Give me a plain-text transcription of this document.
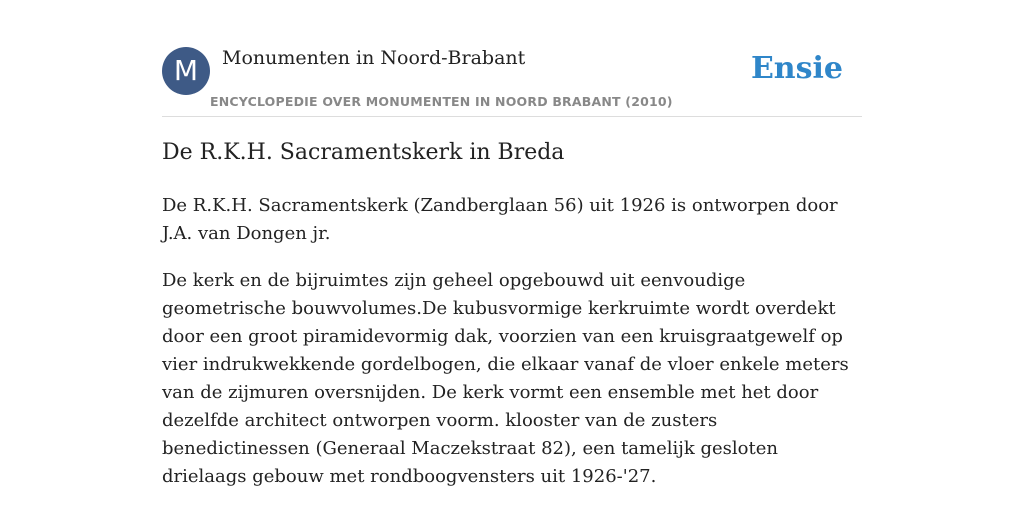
M	Monumenten in Noord-Brabant
ENCYCLOPEDIE OVER MONUMENTEN IN NOORD BRABANT (2010)
Ensie
De R.K.H. Sacramentskerk in Breda

De R.K.H. Sacramentskerk (Zandberglaan 56) uit 1926 is ontworpen door J.A. van Dongen jr.

De kerk en de bijruimtes zijn geheel opgebouwd uit eenvoudige geometrische bouwvolumes.De kubusvormige kerkruimte wordt overdekt door een groot piramidevormig dak, voorzien van een kruisgraatgewelf op vier indrukwekkende gordelbogen, die elkaar vanaf de vloer enkele meters van de zijmuren oversnijden. De kerk vormt een ensemble met het door dezelfde architect ontworpen voorm. klooster van de zusters benedictinessen (Generaal Maczekstraat 82), een tamelijk gesloten drielaags gebouw met rondboogvensters uit 1926-'27.
